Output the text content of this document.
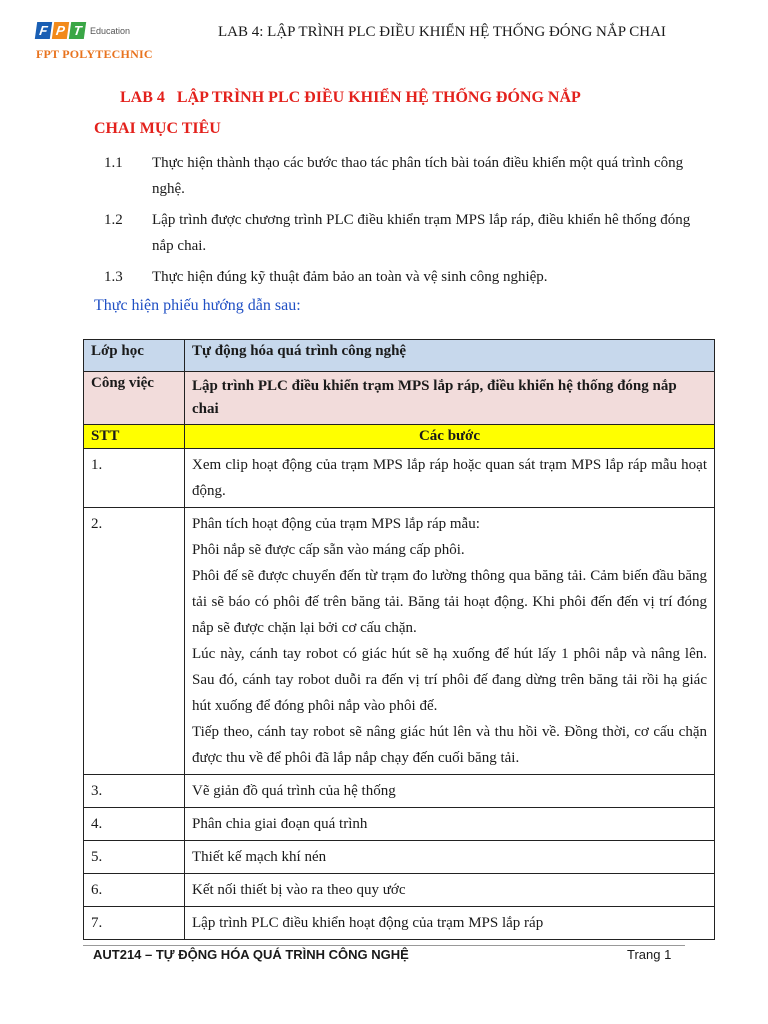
F P T Education
FPT POLYTECHNIC
LAB 4: LẬP TRÌNH PLC ĐIỀU KHIỂN HỆ THỐNG ĐÓNG NẮP CHAI
LAB 4   LẬP TRÌNH PLC ĐIỀU KHIỂN HỆ THỐNG ĐÓNG NẮP
CHAI MỤC TIÊU
1.1 Thực hiện thành thạo các bước thao tác phân tích bài toán điều khiển một quá trình công nghệ.
1.2 Lập trình được chương trình PLC điều khiển trạm MPS lắp ráp, điều khiển hê thống đóng nắp chai.
1.3 Thực hiện đúng kỹ thuật đảm bảo an toàn và vệ sinh công nghiệp.
Thực hiện phiếu hướng dẫn sau:
Lớp học	Tự động hóa quá trình công nghệ
Công việc	Lập trình PLC điều khiển trạm MPS lắp ráp, điều khiển hệ thống đóng nắp chai
STT	Các bước
1.	Xem clip hoạt động của trạm MPS lắp ráp hoặc quan sát trạm MPS lắp ráp mẫu hoạt động.

2.	Phân tích hoạt động của trạm MPS lắp ráp mẫu:

Phôi nắp sẽ được cấp sẵn vào máng cấp phôi.

Phôi đế sẽ được chuyển đến từ trạm đo lường thông qua băng tải. Cảm biến đầu băng tải sẽ báo có phôi đế trên băng tải. Băng tải hoạt động. Khi phôi đến đến vị trí đóng nắp sẽ được chặn lại bởi cơ cấu chặn.

Lúc này, cánh tay robot có giác hút sẽ hạ xuống để hút lấy 1 phôi nắp và nâng lên. Sau đó, cánh tay robot duỗi ra đến vị trí phôi đế đang dừng trên băng tải rồi hạ giác hút xuống để đóng phôi nắp vào phôi đế.

Tiếp theo, cánh tay robot sẽ nâng giác hút lên và thu hồi về. Đồng thời, cơ cấu chặn được thu về để phôi đã lắp nắp chạy đến cuối băng tải.

3.	Vẽ giản đồ quá trình của hệ thống

4.	Phân chia giai đoạn quá trình

5.	Thiết kế mạch khí nén

6.	Kết nối thiết bị vào ra theo quy ước

7.	Lập trình PLC điều khiển hoạt động của trạm MPS lắp ráp

AUT214 – TỰ ĐỘNG HÓA QUÁ TRÌNH CÔNG NGHỆ	Trang 1
